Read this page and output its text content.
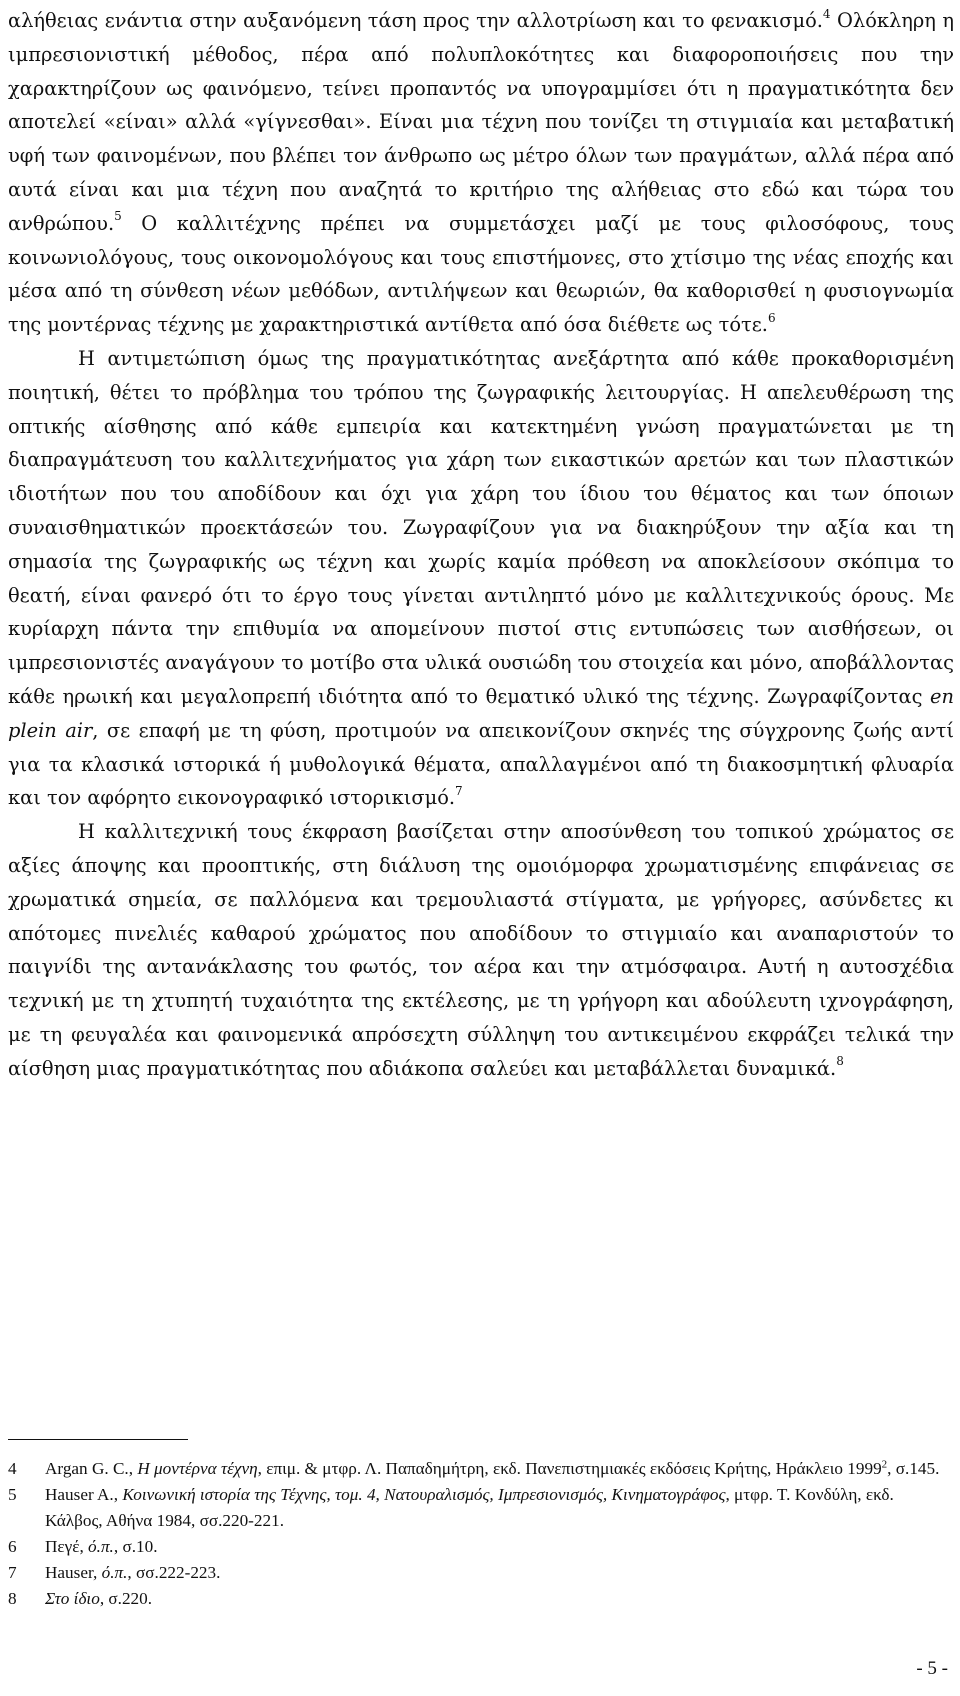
αλήθειας ενάντια στην αυξανόμενη τάση προς την αλλοτρίωση και το φενακισμό.$^4$ Ολόκληρη η ιμπρεσιονιστική μέθοδος, πέρα από πολυπλοκότητες και διαφοροποιήσεις που την χαρακτηρίζουν ως φαινόμενο, τείνει προπαντός να υπογραμμίσει ότι η πραγματικότητα δεν αποτελεί «είναι» αλλά «γίγνεσθαι». Είναι μια τέχνη που τονίζει τη στιγμιαία και μεταβατική υφή των φαινομένων, που βλέπει τον άνθρωπο ως μέτρο όλων των πραγμάτων, αλλά πέρα από αυτά είναι και μια τέχνη που αναζητά το κριτήριο της αλήθειας στο εδώ και τώρα του ανθρώπου.$^5$ Ο καλλιτέχνης πρέπει να συμμετάσχει μαζί με τους φιλοσόφους, τους κοινωνιολόγους, τους οικονομολόγους και τους επιστήμονες, στο χτίσιμο της νέας εποχής και μέσα από τη σύνθεση νέων μεθόδων, αντιλήψεων και θεωριών, θα καθορισθεί η φυσιογνωμία της μοντέρνας τέχνης με χαρακτηριστικά αντίθετα από όσα διέθετε ως τότε.$^6$

Η αντιμετώπιση όμως της πραγματικότητας ανεξάρτητα από κάθε προκαθορισμένη ποιητική, θέτει το πρόβλημα του τρόπου της ζωγραφικής λειτουργίας. Η απελευθέρωση της οπτικής αίσθησης από κάθε εμπειρία και κατεκτημένη γνώση πραγματώνεται με τη διαπραγμάτευση του καλλιτεχνήματος για χάρη των εικαστικών αρετών και των πλαστικών ιδιοτήτων που του αποδίδουν και όχι για χάρη του ίδιου του θέματος και των όποιων συναισθηματικών προεκτάσεών του. Ζωγραφίζουν για να διακηρύξουν την αξία και τη σημασία της ζωγραφικής ως τέχνη και χωρίς καμία πρόθεση να αποκλείσουν σκόπιμα το θεατή, είναι φανερό ότι το έργο τους γίνεται αντιληπτό μόνο με καλλιτεχνικούς όρους. Με κυρίαρχη πάντα την επιθυμία να απομείνουν πιστοί στις εντυπώσεις των αισθήσεων, οι ιμπρεσιονιστές αναγάγουν το μοτίβο στα υλικά ουσιώδη του στοιχεία και μόνο, αποβάλλοντας κάθε ηρωική και μεγαλοπρεπή ιδιότητα από το θεματικό υλικό της τέχνης. Ζωγραφίζοντας en plein air, σε επαφή με τη φύση, προτιμούν να απεικονίζουν σκηνές της σύγχρονης ζωής αντί για τα κλασικά ιστορικά ή μυθολογικά θέματα, απαλλαγμένοι από τη διακοσμητική φλυαρία και τον αφόρητο εικονογραφικό ιστορικισμό.$^7$

Η καλλιτεχνική τους έκφραση βασίζεται στην αποσύνθεση του τοπικού χρώματος σε αξίες άποψης και προοπτικής, στη διάλυση της ομοιόμορφα χρωματισμένης επιφάνειας σε χρωματικά σημεία, σε παλλόμενα και τρεμουλιαστά στίγματα, με γρήγορες, ασύνδετες κι απότομες πινελιές καθαρού χρώματος που αποδίδουν το στιγμιαίο και αναπαριστούν το παιγνίδι της αντανάκλασης του φωτός, τον αέρα και την ατμόσφαιρα. Αυτή η αυτοσχέδια τεχνική με τη χτυπητή τυχαιότητα της εκτέλεσης, με τη γρήγορη και αδούλευτη ιχνογράφηση, με τη φευγαλέα και φαινομενικά απρόσεχτη σύλληψη του αντικειμένου εκφράζει τελικά την αίσθηση μιας πραγματικότητας που αδιάκοπα σαλεύει και μεταβάλλεται δυναμικά.$^8$

4	Argan G. C., Η μοντέρνα τέχνη, επιμ. & μτφρ. Λ. Παπαδημήτρη, εκδ. Πανεπιστημιακές εκδόσεις Κρήτης, Ηράκλειο 1999$^2$, σ.145.
5	Hauser A., Κοινωνική ιστορία της Τέχνης, τομ. 4, Νατουραλισμός, Ιμπρεσιονισμός, Κινηματογράφος, μτφρ. Τ. Κονδύλη, εκδ. Κάλβος, Αθήνα 1984, σσ.220-221.
6	Πεγέ, ό.π., σ.10.
7	Hauser, ό.π., σσ.222-223.
8	Στο ίδιο, σ.220.
- 5 -
